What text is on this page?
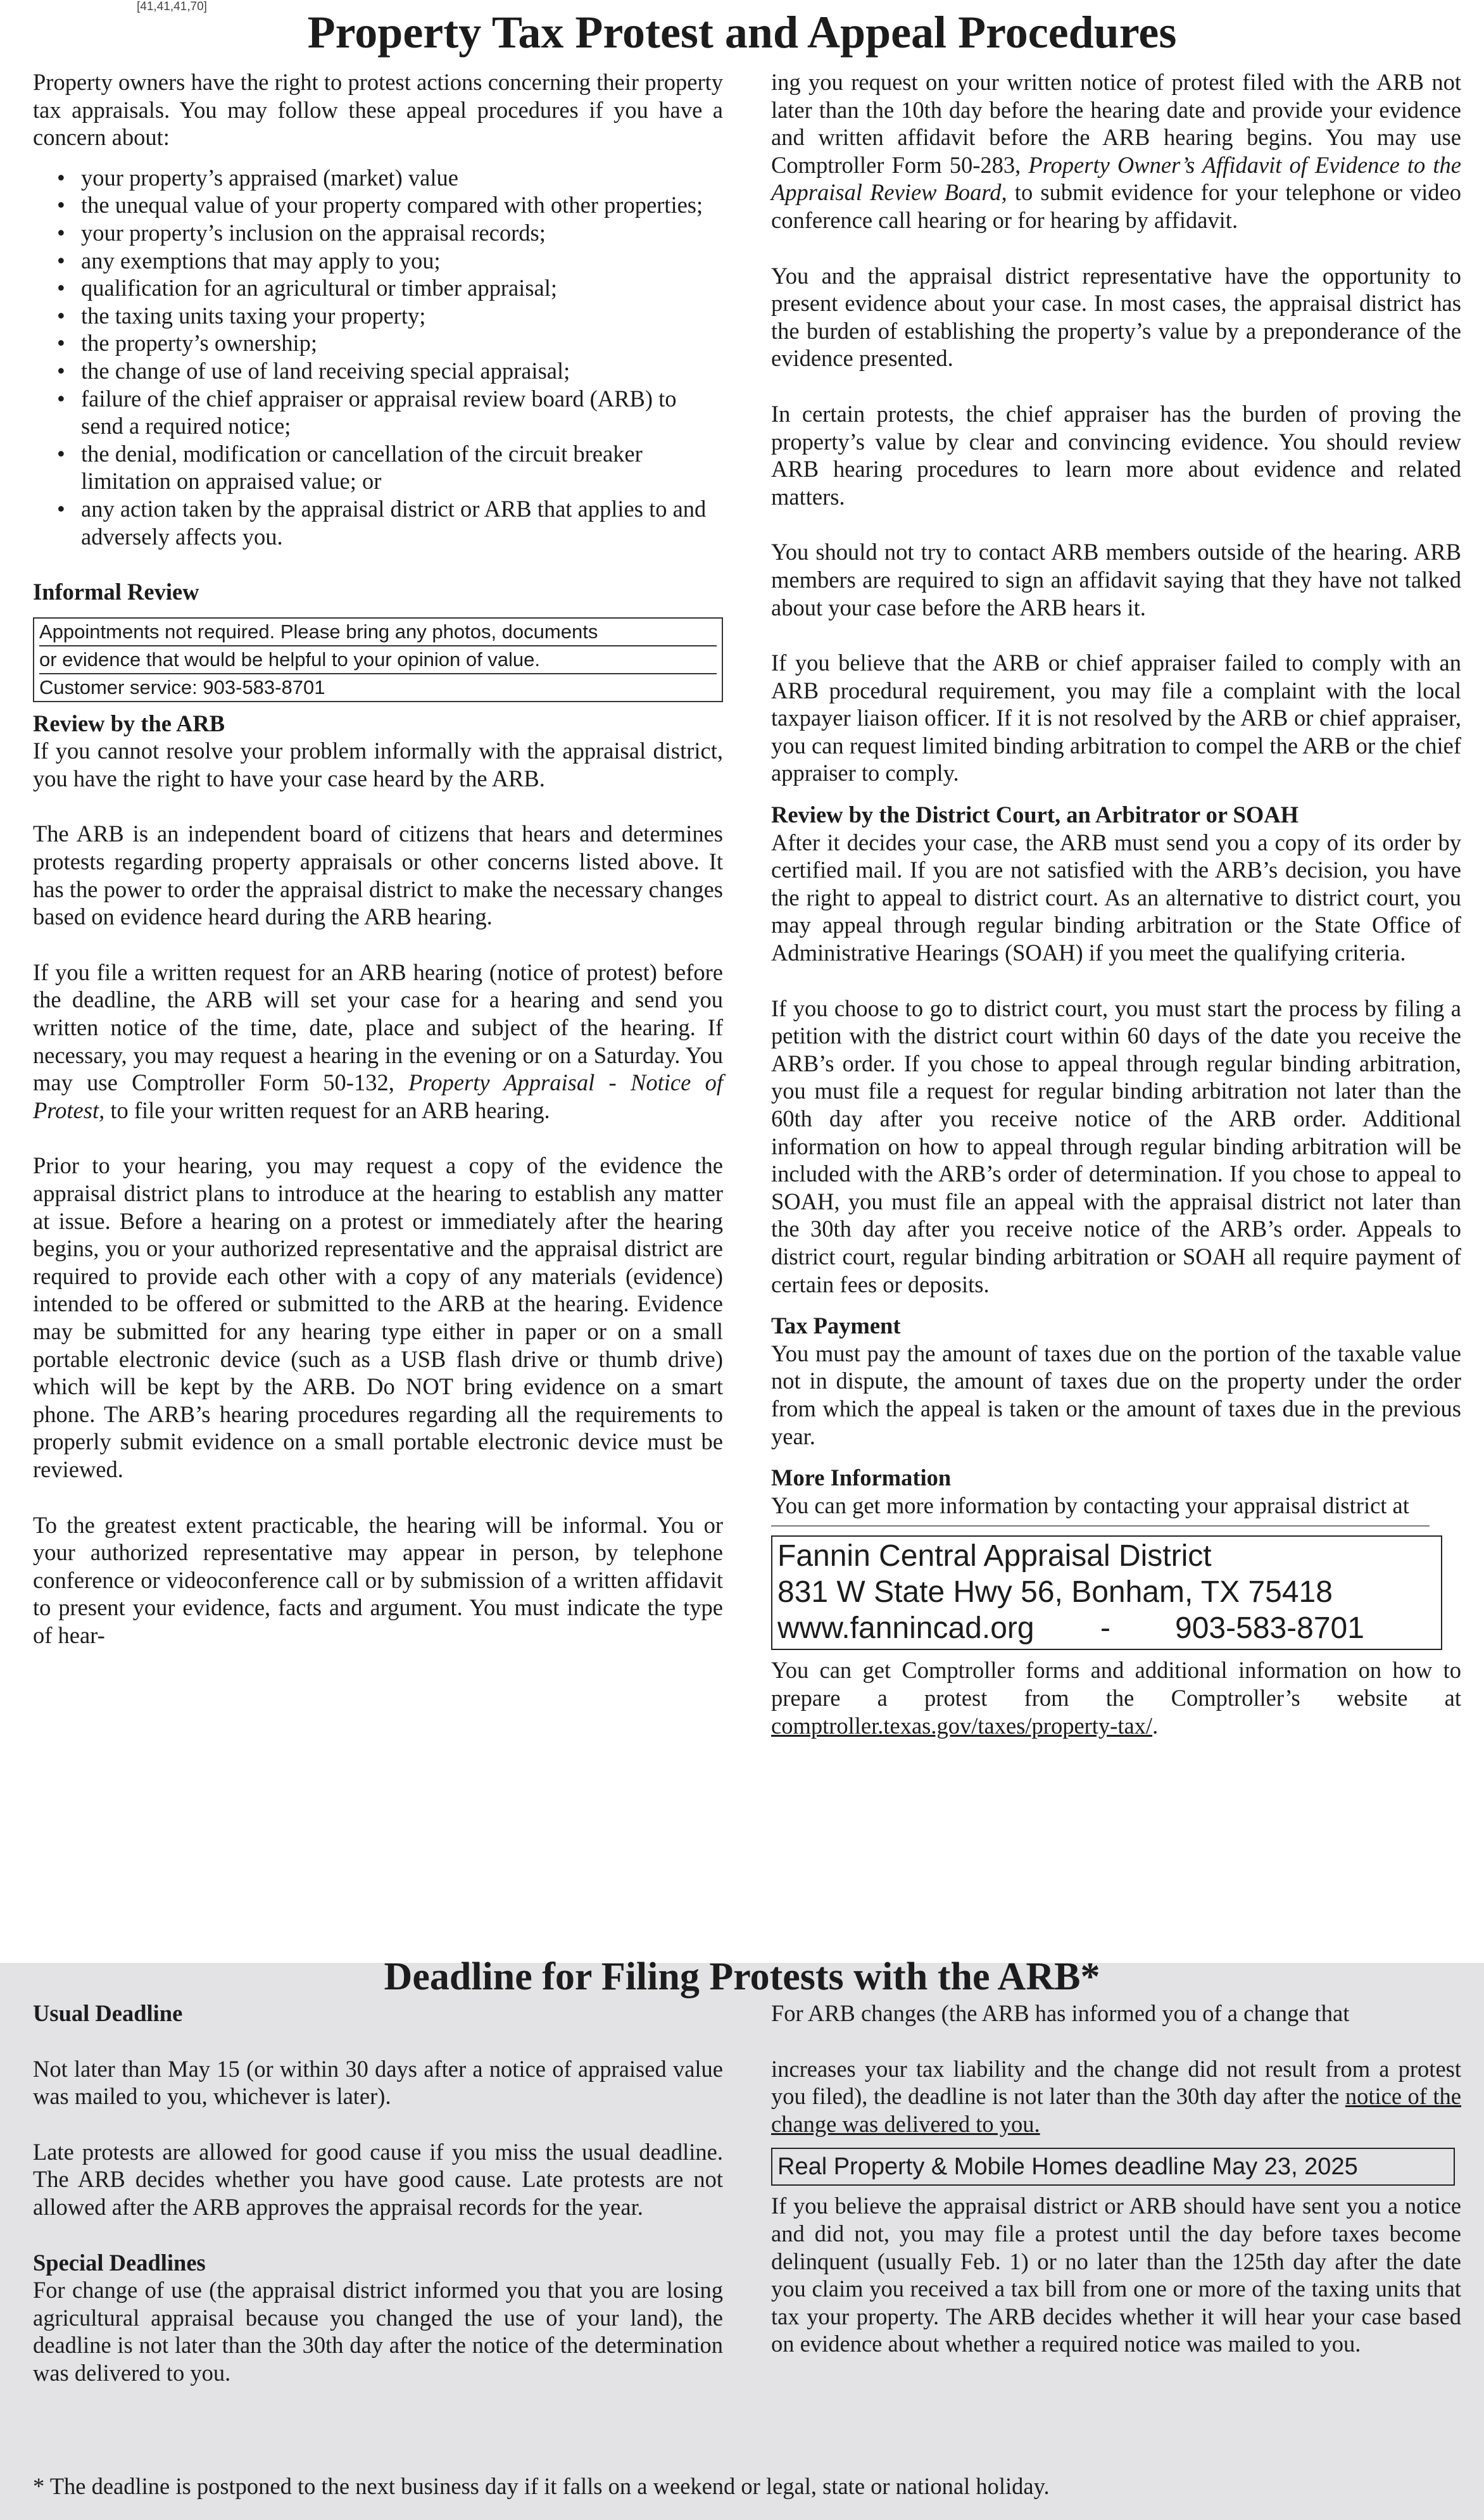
[41,41,41,70]
Property Tax Protest and Appeal Procedures

Property owners have the right to protest actions concerning their property tax appraisals. You may follow these appeal procedures if you have a concern about:

• your property’s appraised (market) value
• the unequal value of your property compared with other properties;
• your property’s inclusion on the appraisal records;
• any exemptions that may apply to you;
• qualification for an agricultural or timber appraisal;
• the taxing units taxing your property;
• the property’s ownership;
• the change of use of land receiving special appraisal;
• failure of the chief appraiser or appraisal review board (ARB) to send a required notice;
• the denial, modification or cancellation of the circuit breaker limitation on appraised value; or
• any action taken by the appraisal district or ARB that applies to and adversely affects you.
Informal Review
Appointments not required. Please bring any photos, documents
or evidence that would be helpful to your opinion of value.
Customer service: 903-583-8701
Review by the ARB

If you cannot resolve your problem informally with the appraisal district, you have the right to have your case heard by the ARB.

The ARB is an independent board of citizens that hears and determines protests regarding property appraisals or other concerns listed above. It has the power to order the appraisal district to make the necessary changes based on evidence heard during the ARB hearing.

If you file a written request for an ARB hearing (notice of protest) before the deadline, the ARB will set your case for a hearing and send you written notice of the time, date, place and subject of the hearing. If necessary, you may request a hearing in the evening or on a Saturday. You may use Comptroller Form 50-132, Property Appraisal - Notice of Protest, to file your written request for an ARB hearing.

Prior to your hearing, you may request a copy of the evidence the appraisal district plans to introduce at the hearing to establish any matter at issue. Before a hearing on a protest or immediately after the hearing begins, you or your authorized representative and the appraisal district are required to provide each other with a copy of any materials (evidence) intended to be offered or submitted to the ARB at the hearing. Evidence may be submitted for any hearing type either in paper or on a small portable electronic device (such as a USB flash drive or thumb drive) which will be kept by the ARB. Do NOT bring evidence on a smart phone. The ARB’s hearing procedures regarding all the requirements to properly submit evidence on a small portable electronic device must be reviewed.

To the greatest extent practicable, the hearing will be informal. You or your authorized representative may appear in person, by telephone conference or videoconference call or by submission of a written affidavit to present your evidence, facts and argument. You must indicate the type of hear-

ing you request on your written notice of protest filed with the ARB not later than the 10th day before the hearing date and provide your evidence and written affidavit before the ARB hearing begins. You may use Comptroller Form 50-283, Property Owner’s Affidavit of Evidence to the Appraisal Review Board, to submit evidence for your telephone or video conference call hearing or for hearing by affidavit.

You and the appraisal district representative have the opportunity to present evidence about your case. In most cases, the appraisal district has the burden of establishing the property’s value by a preponderance of the evidence presented.

In certain protests, the chief appraiser has the burden of proving the property’s value by clear and convincing evidence. You should review ARB hearing procedures to learn more about evidence and related matters.

You should not try to contact ARB members outside of the hearing. ARB members are required to sign an affidavit saying that they have not talked about your case before the ARB hears it.

If you believe that the ARB or chief appraiser failed to comply with an ARB procedural requirement, you may file a complaint with the local taxpayer liaison officer. If it is not resolved by the ARB or chief appraiser, you can request limited binding arbitration to compel the ARB or the chief appraiser to comply.

Review by the District Court, an Arbitrator or SOAH

After it decides your case, the ARB must send you a copy of its order by certified mail. If you are not satisfied with the ARB’s decision, you have the right to appeal to district court. As an alternative to district court, you may appeal through regular binding arbitration or the State Office of Administrative Hearings (SOAH) if you meet the qualifying criteria.

If you choose to go to district court, you must start the process by filing a petition with the district court within 60 days of the date you receive the ARB’s order. If you chose to appeal through regular binding arbitration, you must file a request for regular binding arbitration not later than the 60th day after you receive notice of the ARB order. Additional information on how to appeal through regular binding arbitration will be included with the ARB’s order of determination. If you chose to appeal to SOAH, you must file an appeal with the appraisal district not later than the 30th day after you receive notice of the ARB’s order. Appeals to district court, regular binding arbitration or SOAH all require payment of certain fees or deposits.

Tax Payment

You must pay the amount of taxes due on the portion of the taxable value not in dispute, the amount of taxes due on the property under the order from which the appeal is taken or the amount of taxes due in the previous year.

More Information

You can get more information by contacting your appraisal district at

Fannin Central Appraisal District
831 W State Hwy 56, Bonham, TX 75418
www.fannincad.org	-	903-583-8701

You can get Comptroller forms and additional information on how to prepare a protest from the Comptroller’s website at comptroller.texas.gov/taxes/property-tax/.

Deadline for Filing Protests with the ARB*
Usual Deadline

Not later than May 15 (or within 30 days after a notice of appraised value was mailed to you, whichever is later).

Late protests are allowed for good cause if you miss the usual deadline. The ARB decides whether you have good cause. Late protests are not allowed after the ARB approves the appraisal records for the year.

Special Deadlines

For change of use (the appraisal district informed you that you are losing agricultural appraisal because you changed the use of your land), the deadline is not later than the 30th day after the notice of the determination was delivered to you.

For ARB changes (the ARB has informed you of a change that

increases your tax liability and the change did not result from a protest you filed), the deadline is not later than the 30th day after the notice of the change was delivered to you.

Real Property & Mobile Homes deadline May 23, 2025

If you believe the appraisal district or ARB should have sent you a notice and did not, you may file a protest until the day before taxes become delinquent (usually Feb. 1) or no later than the 125th day after the date you claim you received a tax bill from one or more of the taxing units that tax your property. The ARB decides whether it will hear your case based on evidence about whether a required notice was mailed to you.

* The deadline is postponed to the next business day if it falls on a weekend or legal, state or national holiday.
